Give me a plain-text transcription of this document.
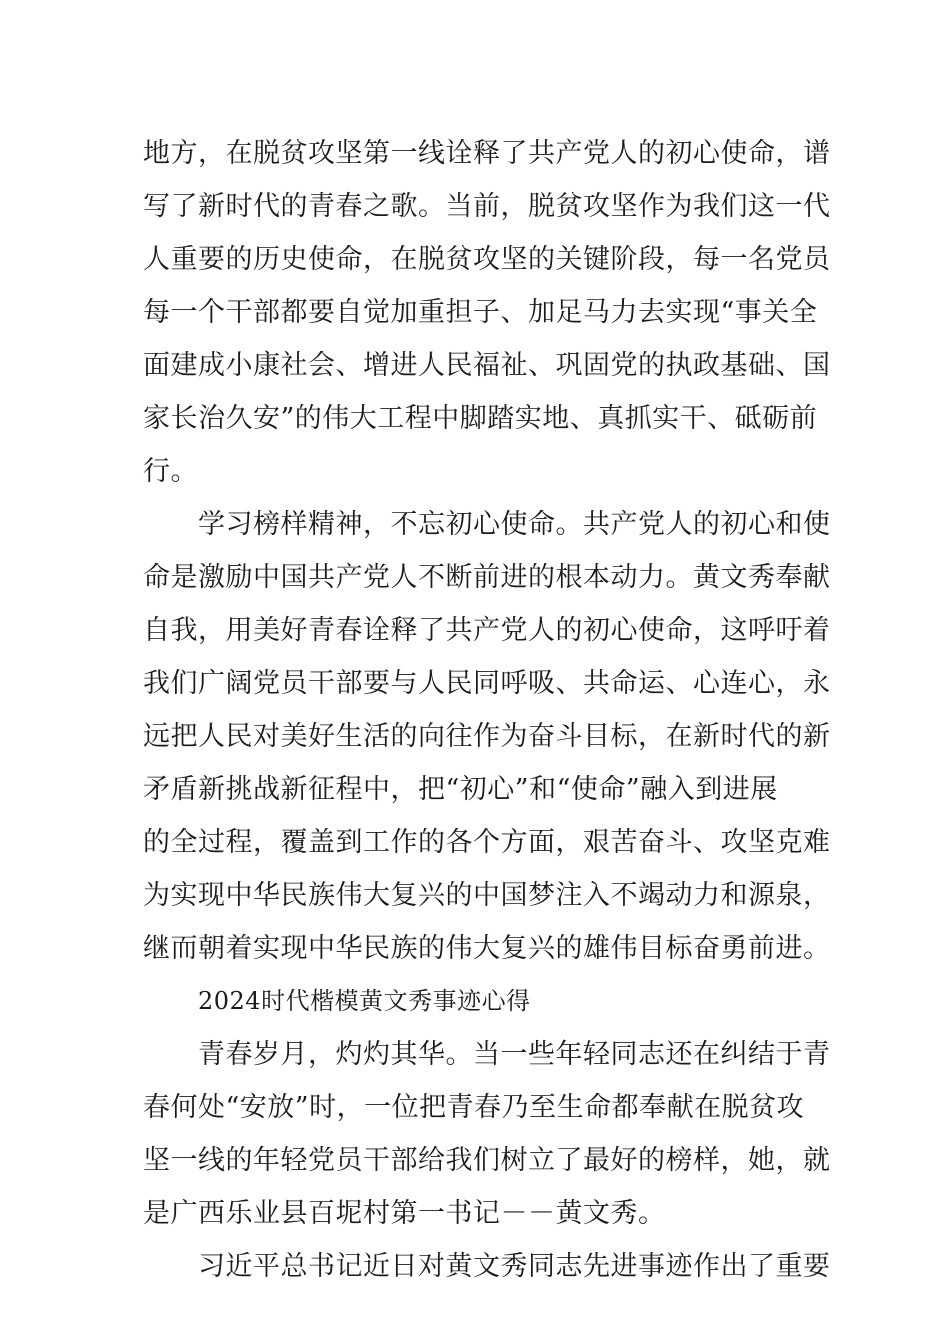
地方，在脱贫攻坚第一线诠释了共产党人的初心使命，谱
写了新时代的青春之歌。当前，脱贫攻坚作为我们这一代
人重要的历史使命，在脱贫攻坚的关键阶段，每一名党员
每一个干部都要自觉加重担子、加足马力去实现“事关全
面建成小康社会、增进人民福祉、巩固党的执政基础、国
家长治久安”的伟大工程中脚踏实地、真抓实干、砥砺前
行。
学习榜样精神，不忘初心使命。共产党人的初心和使
命是激励中国共产党人不断前进的根本动力。黄文秀奉献
自我，用美好青春诠释了共产党人的初心使命，这呼吁着
我们广阔党员干部要与人民同呼吸、共命运、心连心，永
远把人民对美好生活的向往作为奋斗目标，在新时代的新
矛盾新挑战新征程中，把“初心”和“使命”融入到进展
的全过程，覆盖到工作的各个方面，艰苦奋斗、攻坚克难
为实现中华民族伟大复兴的中国梦注入不竭动力和源泉，
继而朝着实现中华民族的伟大复兴的雄伟目标奋勇前进。
2024时代楷模黄文秀事迹心得
青春岁月，灼灼其华。当一些年轻同志还在纠结于青
春何处“安放”时，一位把青春乃至生命都奉献在脱贫攻
坚一线的年轻党员干部给我们树立了最好的榜样，她，就
是广西乐业县百坭村第一书记－－黄文秀。
习近平总书记近日对黄文秀同志先进事迹作出了重要
